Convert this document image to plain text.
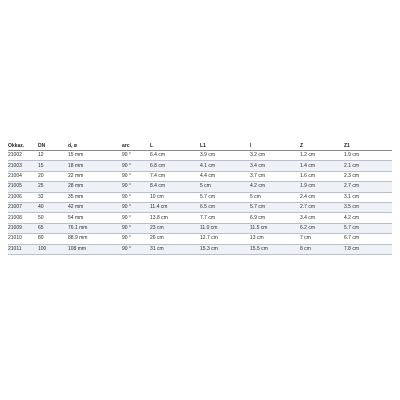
Okkaz.	DN	d, ø	arc	L	L1	l	Z	Z1
21002	12	15 mm	90 °	6.4 cm	3.9 cm	3.2 cm	1.2 cm	1.9 cm
21003	15	18 mm	90 °	6.8 cm	4.1 cm	3.4 cm	1.4 cm	2.1 cm
21004	20	22 mm	90 °	7.4 cm	4.4 cm	3.7 cm	1.6 cm	2.3 cm
21005	25	28 mm	90 °	8.4 cm	5 cm	4.2 cm	1.9 cm	2.7 cm
21006	32	35 mm	90 °	10 cm	5.7 cm	5 cm	2.4 cm	3.1 cm
21007	40	42 mm	90 °	11.4 cm	6.5 cm	5.7 cm	2.7 cm	3.5 cm
21008	50	54 mm	90 °	13.8 cm	7.7 cm	6.9 cm	3.4 cm	4.2 cm
21009	65	76.1 mm	90 °	23 cm	11.0 cm	11.5 cm	6.2 cm	5.7 cm
21010	80	88.9 mm	90 °	26 cm	12.7 cm	13 cm	7 cm	6.7 cm
21011	100	108 mm	90 °	31 cm	15.3 cm	15.5 cm	8 cm	7.8 cm
